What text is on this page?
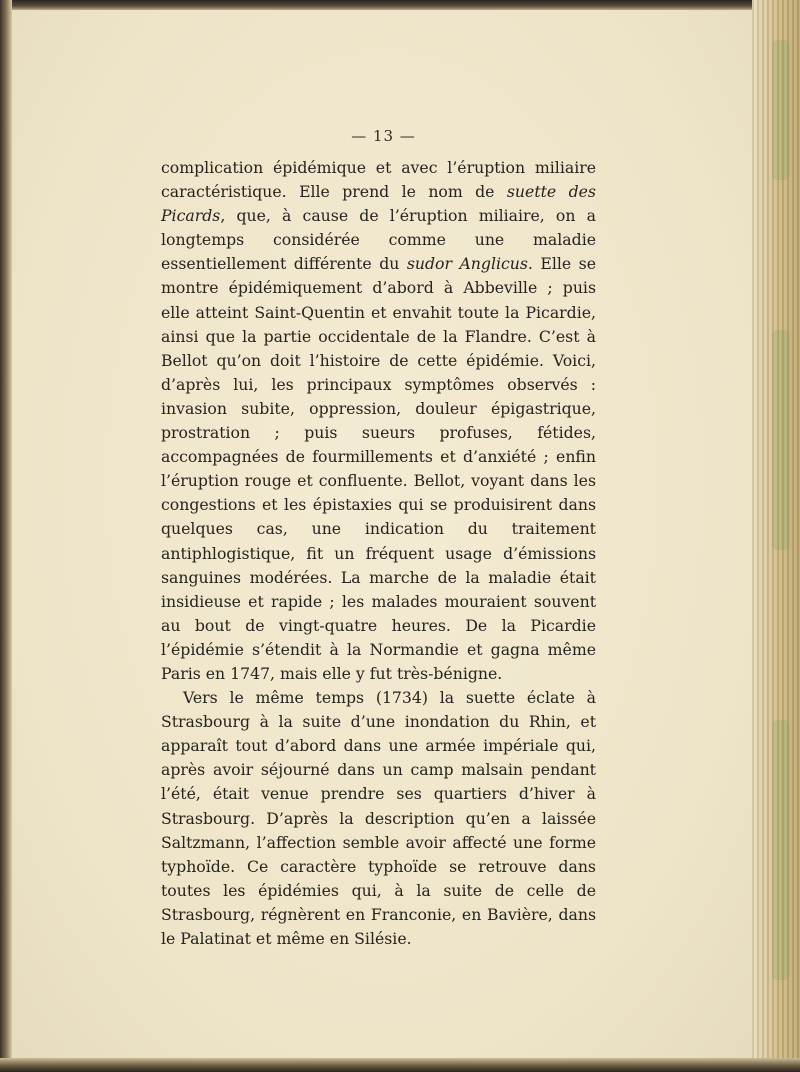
— 13 —

complication épidémique et avec l’éruption miliaire caractéristique. Elle prend le nom de suette des Picards, que, à cause de l’éruption miliaire, on a longtemps considérée comme une maladie essentiellement différente du sudor Anglicus. Elle se montre épidémiquement d’abord à Abbeville ; puis elle atteint Saint-Quentin et envahit toute la Picardie, ainsi que la partie occidentale de la Flandre. C’est à Bellot qu’on doit l’histoire de cette épidémie. Voici, d’après lui, les principaux symptômes observés : invasion subite, oppression, douleur épigastrique, prostration ; puis sueurs profuses, fétides, accompagnées de fourmillements et d’anxiété ; enfin l’éruption rouge et confluente. Bellot, voyant dans les congestions et les épistaxies qui se produisirent dans quelques cas, une indication du traitement antiphlogistique, fit un fréquent usage d’émissions sanguines modérées. La marche de la maladie était insidieuse et rapide ; les malades mouraient souvent au bout de vingt-quatre heures. De la Picardie l’épidémie s’étendit à la Normandie et gagna même Paris en 1747, mais elle y fut très-bénigne.

Vers le même temps (1734) la suette éclate à Strasbourg à la suite d’une inondation du Rhin, et apparaît tout d’abord dans une armée impériale qui, après avoir séjourné dans un camp malsain pendant l’été, était venue prendre ses quartiers d’hiver à Strasbourg. D’après la description qu’en a laissée Saltzmann, l’affection semble avoir affecté une forme typhoïde. Ce caractère typhoïde se retrouve dans toutes les épidémies qui, à la suite de celle de Strasbourg, régnèrent en Franconie, en Bavière, dans le Palatinat et même en Silésie.
